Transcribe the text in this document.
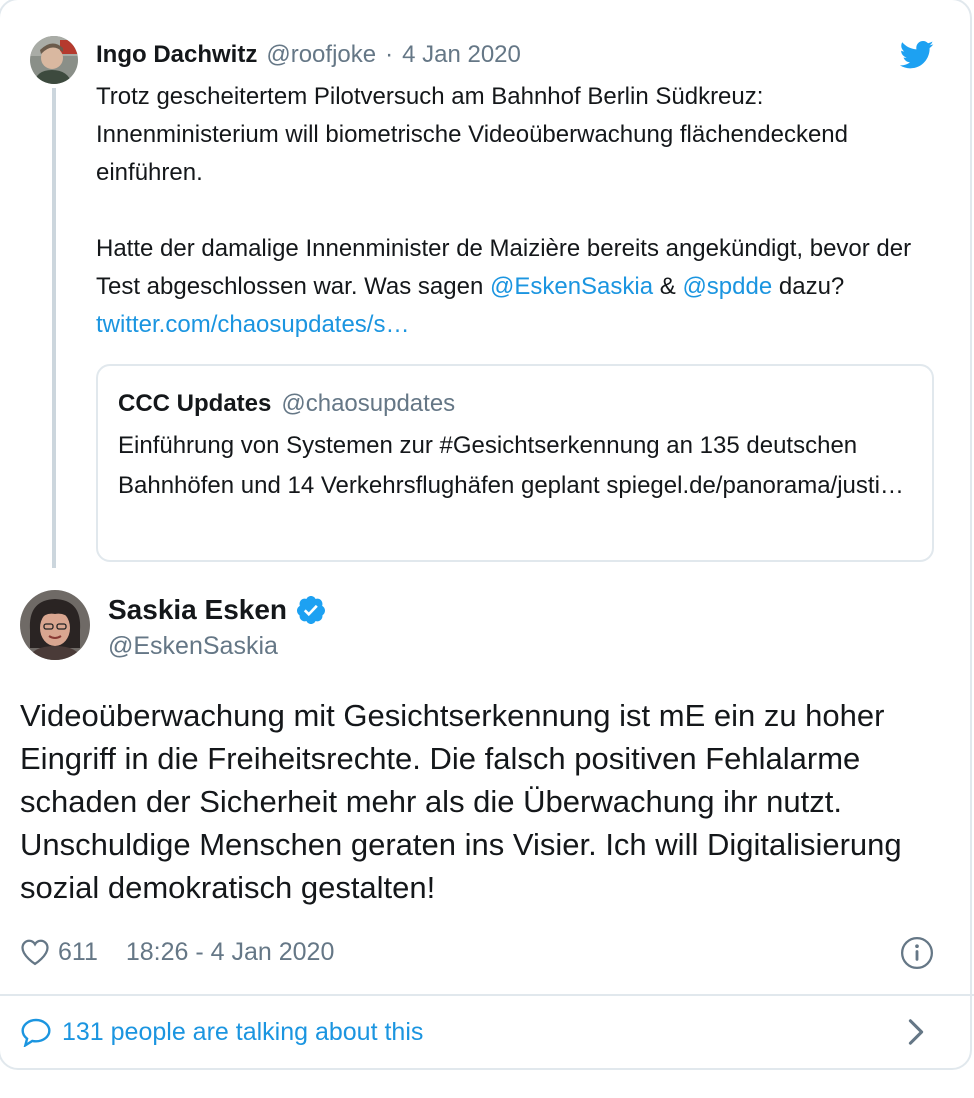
Ingo Dachwitz @roofjoke · 4 Jan 2020

Trotz gescheitertem Pilotversuch am Bahnhof Berlin Südkreuz: Innenministerium will biometrische Videoüberwachung flächendeckend einführen.

Hatte der damalige Innenminister de Maizière bereits angekündigt, bevor der Test abgeschlossen war. Was sagen @EskenSaskia & @spdde dazu? twitter.com/chaosupdates/s…

CCC Updates @chaosupdates
Einführung von Systemen zur #Gesichtserkennung an 135 deutschen Bahnhöfen und 14 Verkehrsflughäfen geplant spiegel.de/panorama/justi…
Saskia Esken
@EskenSaskia
Videoüberwachung mit Gesichtserkennung ist mE ein zu hoher Eingriff in die Freiheitsrechte. Die falsch positiven Fehlalarme schaden der Sicherheit mehr als die Überwachung ihr nutzt. Unschuldige Menschen geraten ins Visier. Ich will Digitalisierung sozial demokratisch gestalten!
611 18:26 - 4 Jan 2020
131 people are talking about this
